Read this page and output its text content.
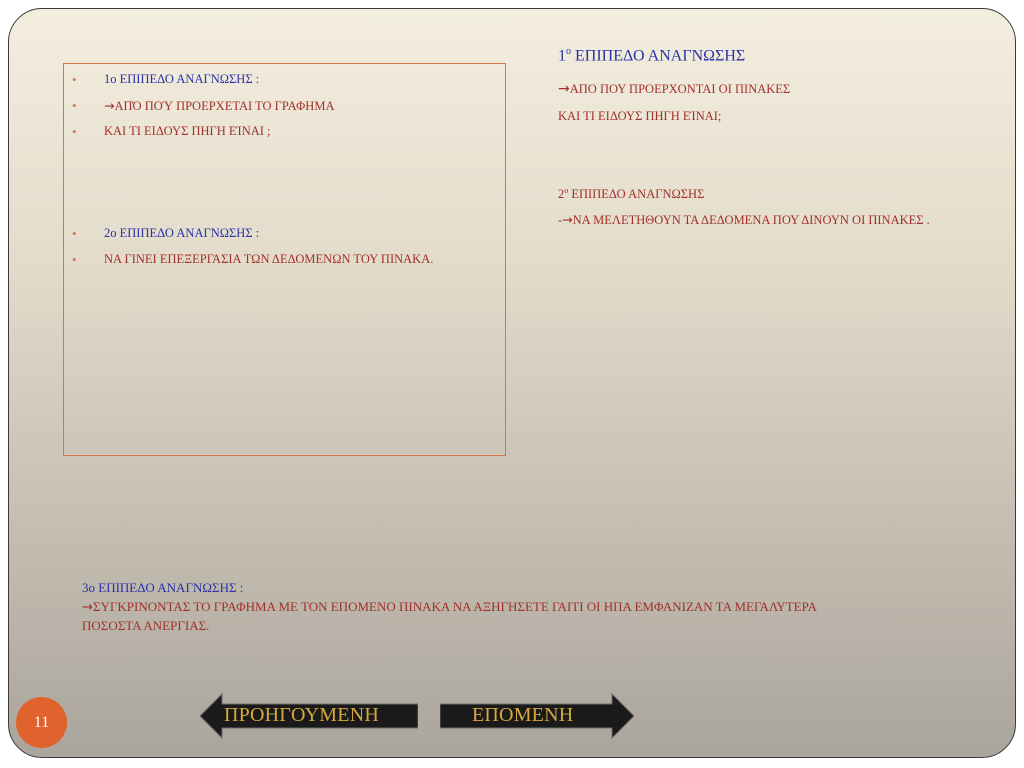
• 1ο ΕΠΙΠΕΔΟ ΑΝΑΓΝΩΣΗΣ :
• →ΑΠΌ ΠΟΎ ΠΡΟΕΡΧΕΤΑΙ ΤΟ ΓΡΑΦΗΜΑ
• ΚΑΙ ΤΙ ΕΙΔΟΥΣ ΠΗΓΗ ΕΊΝΑΙ ;
• 2ο ΕΠΙΠΕΔΟ ΑΝΑΓΝΩΣΗΣ :
• ΝΑ ΓΙΝΕΙ ΕΠΕΞΕΡΓΑΣΙΑ ΤΩΝ ΔΕΔΟΜΕΝΩΝ ΤΟΥ ΠΙΝΑΚΑ.
$1^o$ ΕΠΙΠΕΔΟ ΑΝΑΓΝΩΣΗΣ
→ΑΠΟ ΠΟΥ ΠΡΟΕΡΧΟΝΤΑΙ ΟΙ ΠΙΝΑΚΕΣ
ΚΑΙ ΤΙ ΕΙΔΟΥΣ ΠΗΓΗ ΕΊΝΑΙ;
$2^o$ ΕΠΙΠΕΔΟ ΑΝΑΓΝΩΣΗΣ
-→ΝΑ ΜΕΛΕΤΗΘΟΥΝ ΤΑ ΔΕΔΟΜΕΝΑ ΠΟΥ ΔΙΝΟΥΝ ΟΙ ΠΙΝΑΚΕΣ .
3ο ΕΠΙΠΕΔΟ ΑΝΑΓΝΩΣΗΣ :
→ΣΥΓΚΡΙΝΟΝΤΑΣ ΤΟ ΓΡΑΦΗΜΑ ΜΕ ΤΟΝ ΕΠΟΜΕΝΟ ΠΙΝΑΚΑ ΝΑ ΑΞΗΓΗΣΕΤΕ ΓΑΙΤΙ ΟΙ ΗΠΑ ΕΜΦΑΝΙΖΑΝ ΤΑ ΜΕΓΑΛΥΤΕΡΑ
ΠΟΣΟΣΤΑ ΑΝΕΡΓΙΑΣ.
11	ΠΡΟΗΓΟΥΜΕΝΗ	ΕΠΟΜΕΝΗ
